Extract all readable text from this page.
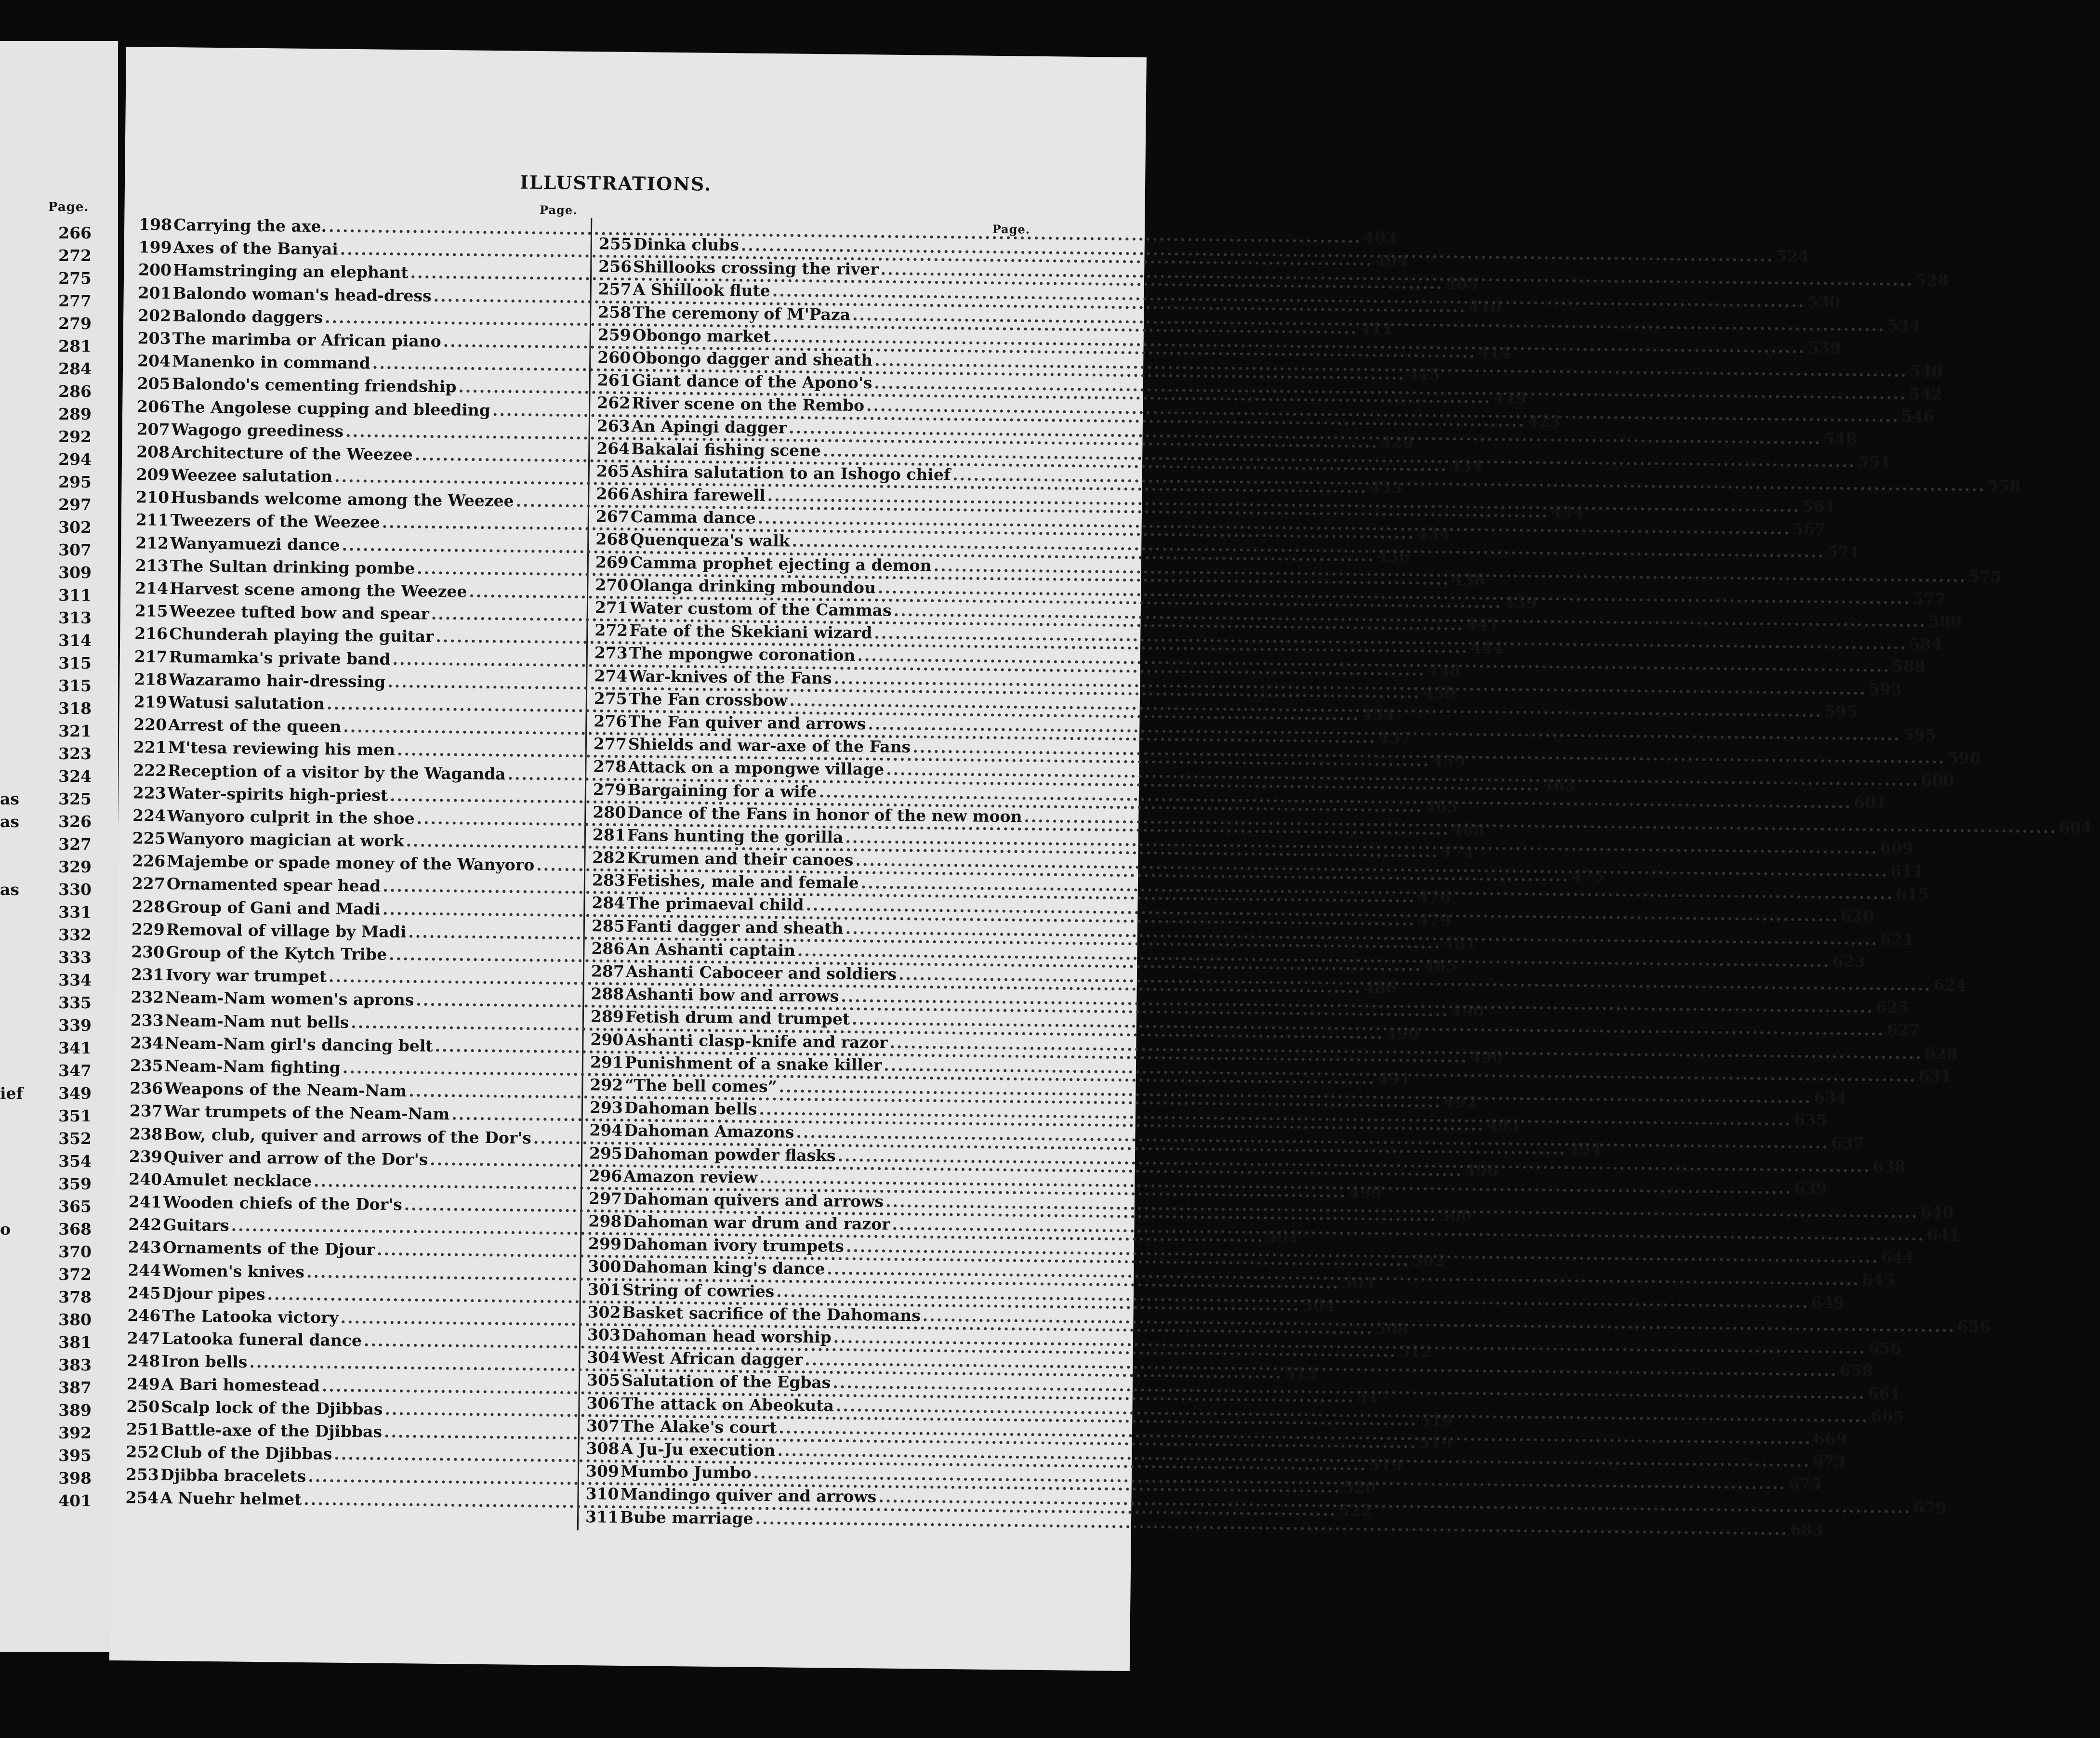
Page.
266
272
275
277
279
281
284
286
289
292
294
295
297
302
307
309
311
313
314
315
315
318
321
323
324
as 325
as 326
327
329
as 330
331
332
333
334
335
339
341
347
ief 349
351
352
354
359
365
o	368
370
372
378
380
381
383
387
389
392
395
398
401
ILLUSTRATIONS.
Page.
198 Carrying the axe.
.....
403
199 Axes of the Banyai
.....
404
200 Hamstringing an elephant
.....
405
201 Balondo woman's head-dress
.....
410
202 Balondo daggers
.....
411
203 The marimba or African piano
.....
414
204 Manenko in command
.....
415
205 Balondo's cementing friendship
.....
419
206 The Angolese cupping and bleeding
.....
423
207 Wagogo greediness
.....
429
208 Architecture of the Weezee
.....
434
209 Weezee salutation
.....
433
210 Husbands welcome among the Weezee
.....
434
211 Tweezers of the Weezee
.....
434
212 Wanyamuezi dance
.....
436
213 The Sultan drinking pombe
.....
438
214 Harvest scene among the Weezee
.....
439
215 Weezee tufted bow and spear
.....
441
216 Chunderah playing the guitar
.....
444
217 Rumamka's private band
.....
448
218 Wazaramo hair-dressing
.....
450
219 Watusi salutation
.....
454
220 Arrest of the queen
.....
457
221 M'tesa reviewing his men
.....
459
222 Reception of a visitor by the Waganda
.....
463
223 Water-spirits high-priest
.....
465
224 Wanyoro culprit in the shoe
.....
468
225 Wanyoro magician at work
.....
474
226 Majembe or spade money of the Wanyoro
.....
475
227 Ornamented spear head
.....
476
228 Group of Gani and Madi
.....
479
229 Removal of village by Madi
.....
481
230 Group of the Kytch Tribe
.....
485
231 Ivory war trumpet
.....
486
232 Neam-Nam women's aprons
.....
490
233 Neam-Nam nut bells
.....
490
234 Neam-Nam girl's dancing belt
.....
490
235 Neam-Nam fighting
.....
491
236 Weapons of the Neam-Nam
.....
492
237 War trumpets of the Neam-Nam
.....
493
238 Bow, club, quiver and arrows of the Dor's
.....
494
239 Quiver and arrow of the Dor's
.....
496
240 Amulet necklace
.....
499
241 Wooden chiefs of the Dor's
.....
500
242 Guitars
.....
501
243 Ornaments of the Djour
.....
502
244 Women's knives
.....
503
245 Djour pipes
.....
504
246 The Latooka victory
.....
508
247 Latooka funeral dance
.....
512
248 Iron bells
.....
513
249 A Bari homestead
.....
517
250 Scalp lock of the Djibbas
.....
519
251 Battle-axe of the Djibbas
.....
519
252 Club of the Djibbas
.....
519
253 Djibba bracelets
.....
520
254 A Nuehr helmet
.....
522
Page.
255 Dinka clubs
.....
524
256 Shillooks crossing the river
.....
528
257 A Shillook flute
.....
530
258 The ceremony of M'Paza
.....
534
259 Obongo market
.....
539
260 Obongo dagger and sheath
.....
540
261 Giant dance of the Apono's
.....
542
262 River scene on the Rembo
.....
546
263 An Apingi dagger
.....
548
264 Bakalai fishing scene
.....
551
265 Ashira salutation to an Ishogo chief
.....
558
266 Ashira farewell
.....
561
267 Camma dance
.....
567
268 Quenqueza's walk
.....
571
269 Camma prophet ejecting a demon
.....
575
270 Olanga drinking mboundou
.....
577
271 Water custom of the Cammas
.....
580
272 Fate of the Skekiani wizard
.....
584
273 The mpongwe coronation
.....
588
274 War-knives of the Fans
.....
593
275 The Fan crossbow
.....
595
276 The Fan quiver and arrows
.....
595
277 Shields and war-axe of the Fans
.....
596
278 Attack on a mpongwe village
.....
600
279 Bargaining for a wife
.....
601
280 Dance of the Fans in honor of the new moon
.....
604
281 Fans hunting the gorilla
.....
609
282 Krumen and their canoes
.....
611
283 Fetishes, male and female
.....
615
284 The primaeval child
.....
620
285 Fanti dagger and sheath
.....
621
286 An Ashanti captain
.....
623
287 Ashanti Caboceer and soldiers
.....
624
288 Ashanti bow and arrows
.....
625
289 Fetish drum and trumpet
.....
627
290 Ashanti clasp-knife and razor
.....
628
291 Punishment of a snake killer
.....
631
292 “The bell comes”
.....
634
293 Dahoman bells
.....
635
294 Dahoman Amazons
.....
637
295 Dahoman powder flasks
.....
638
296 Amazon review
.....
639
297 Dahoman quivers and arrows
.....
640
298 Dahoman war drum and razor
.....
641
299 Dahoman ivory trumpets
.....
644
300 Dahoman king's dance
.....
645
301 String of cowries
.....
649
302 Basket sacrifice of the Dahomans
.....
656
303 Dahoman head worship
.....
656
304 West African dagger
.....
658
305 Salutation of the Egbas
.....
661
306 The attack on Abeokuta
.....
665
307 The Alake's court
.....
669
308 A Ju-Ju execution
.....
673
309 Mumbo Jumbo
.....
675
310 Mandingo quiver and arrows
.....
679
311 Bube marriage
.....
683
